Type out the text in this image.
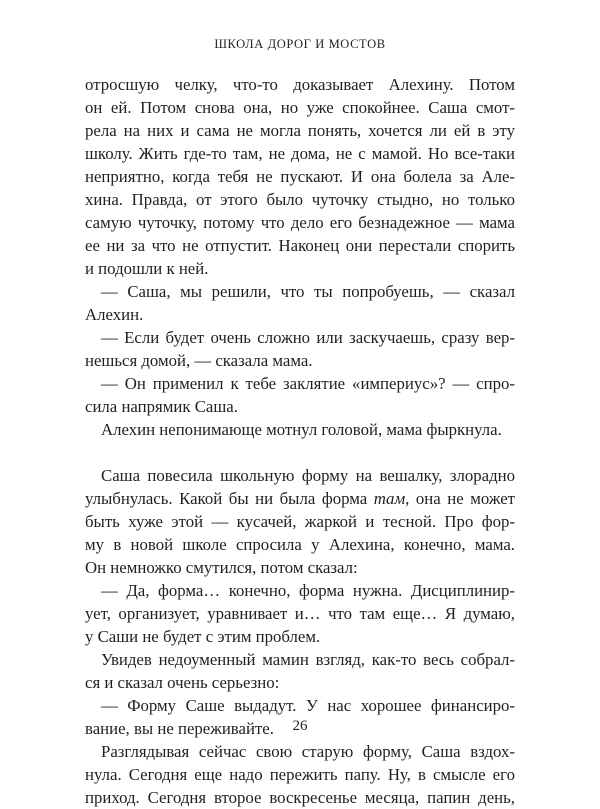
ШКОЛА ДОРОГ И МОСТОВ
отросшую челку, что-то доказывает Алехину. Потом
он ей. Потом снова она, но уже спокойнее. Саша смот-
рела на них и сама не могла понять, хочется ли ей в эту
школу. Жить где-то там, не дома, не с мамой. Но все-таки
неприятно, когда тебя не пускают. И она болела за Але-
хина. Правда, от этого было чуточку стыдно, но только
самую чуточку, потому что дело его безнадежное — мама
ее ни за что не отпустит. Наконец они перестали спорить
и подошли к ней.
— Саша, мы решили, что ты попробуешь, — сказал
Алехин.
— Если будет очень сложно или заскучаешь, сразу вер-
нешься домой, — сказала мама.
— Он применил к тебе заклятие «империус»? — спро-
сила напрямик Саша.
Алехин непонимающе мотнул головой, мама фыркнула.
Саша повесила школьную форму на вешалку, злорадно
улыбнулась. Какой бы ни была форма там, она не может
быть хуже этой — кусачей, жаркой и тесной. Про фор-
му в новой школе спросила у Алехина, конечно, мама.
Он немножко смутился, потом сказал:
— Да, форма… конечно, форма нужна. Дисциплинир-
ует, организует, уравнивает и… что там еще… Я думаю,
у Саши не будет с этим проблем.
Увидев недоуменный мамин взгляд, как-то весь собрал-
ся и сказал очень серьезно:
— Форму Саше выдадут. У нас хорошее финансиро-
вание, вы не переживайте.
Разглядывая сейчас свою старую форму, Саша вздох-
нула. Сегодня еще надо пережить папу. Ну, в смысле его
приход. Сегодня второе воскресенье месяца, папин день,
26
